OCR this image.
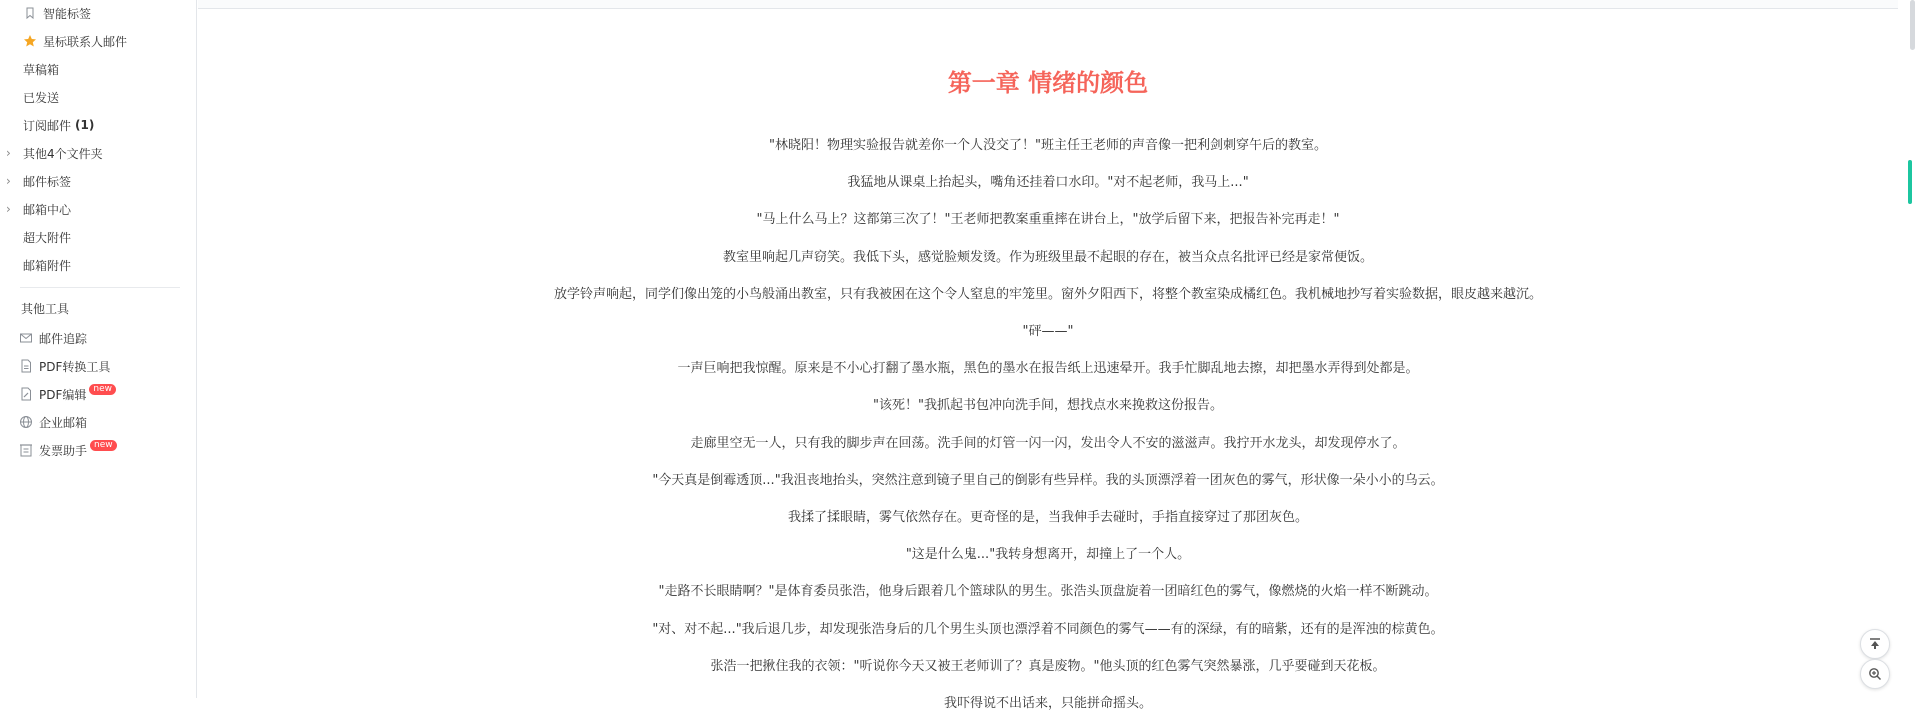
智能标签
星标联系人邮件
草稿箱
已发送
订阅邮件 (1)
› 其他4个文件夹
› 邮件标签
› 邮箱中心
超大附件
邮箱附件
其他工具
邮件追踪
PDF转换工具
PDF编辑 new
企业邮箱
发票助手 new
第一章 情绪的颜色
"林晓阳！物理实验报告就差你一个人没交了！"班主任王老师的声音像一把利剑刺穿午后的教室。
我猛地从课桌上抬起头，嘴角还挂着口水印。"对不起老师，我马上..."
"马上什么马上？这都第三次了！"王老师把教案重重摔在讲台上，"放学后留下来，把报告补完再走！"
教室里响起几声窃笑。我低下头，感觉脸颊发烫。作为班级里最不起眼的存在，被当众点名批评已经是家常便饭。
放学铃声响起，同学们像出笼的小鸟般涌出教室，只有我被困在这个令人窒息的牢笼里。窗外夕阳西下，将整个教室染成橘红色。我机械地抄写着实验数据，眼皮越来越沉。
"砰——"
一声巨响把我惊醒。原来是不小心打翻了墨水瓶，黑色的墨水在报告纸上迅速晕开。我手忙脚乱地去擦，却把墨水弄得到处都是。
"该死！"我抓起书包冲向洗手间，想找点水来挽救这份报告。
走廊里空无一人，只有我的脚步声在回荡。洗手间的灯管一闪一闪，发出令人不安的滋滋声。我拧开水龙头，却发现停水了。
"今天真是倒霉透顶..."我沮丧地抬头，突然注意到镜子里自己的倒影有些异样。我的头顶漂浮着一团灰色的雾气，形状像一朵小小的乌云。
我揉了揉眼睛，雾气依然存在。更奇怪的是，当我伸手去碰时，手指直接穿过了那团灰色。
"这是什么鬼..."我转身想离开，却撞上了一个人。
"走路不长眼睛啊？"是体育委员张浩，他身后跟着几个篮球队的男生。张浩头顶盘旋着一团暗红色的雾气，像燃烧的火焰一样不断跳动。
"对、对不起..."我后退几步，却发现张浩身后的几个男生头顶也漂浮着不同颜色的雾气——有的深绿，有的暗紫，还有的是浑浊的棕黄色。
张浩一把揪住我的衣领："听说你今天又被王老师训了？真是废物。"他头顶的红色雾气突然暴涨，几乎要碰到天花板。
我吓得说不出话来，只能拼命摇头。
